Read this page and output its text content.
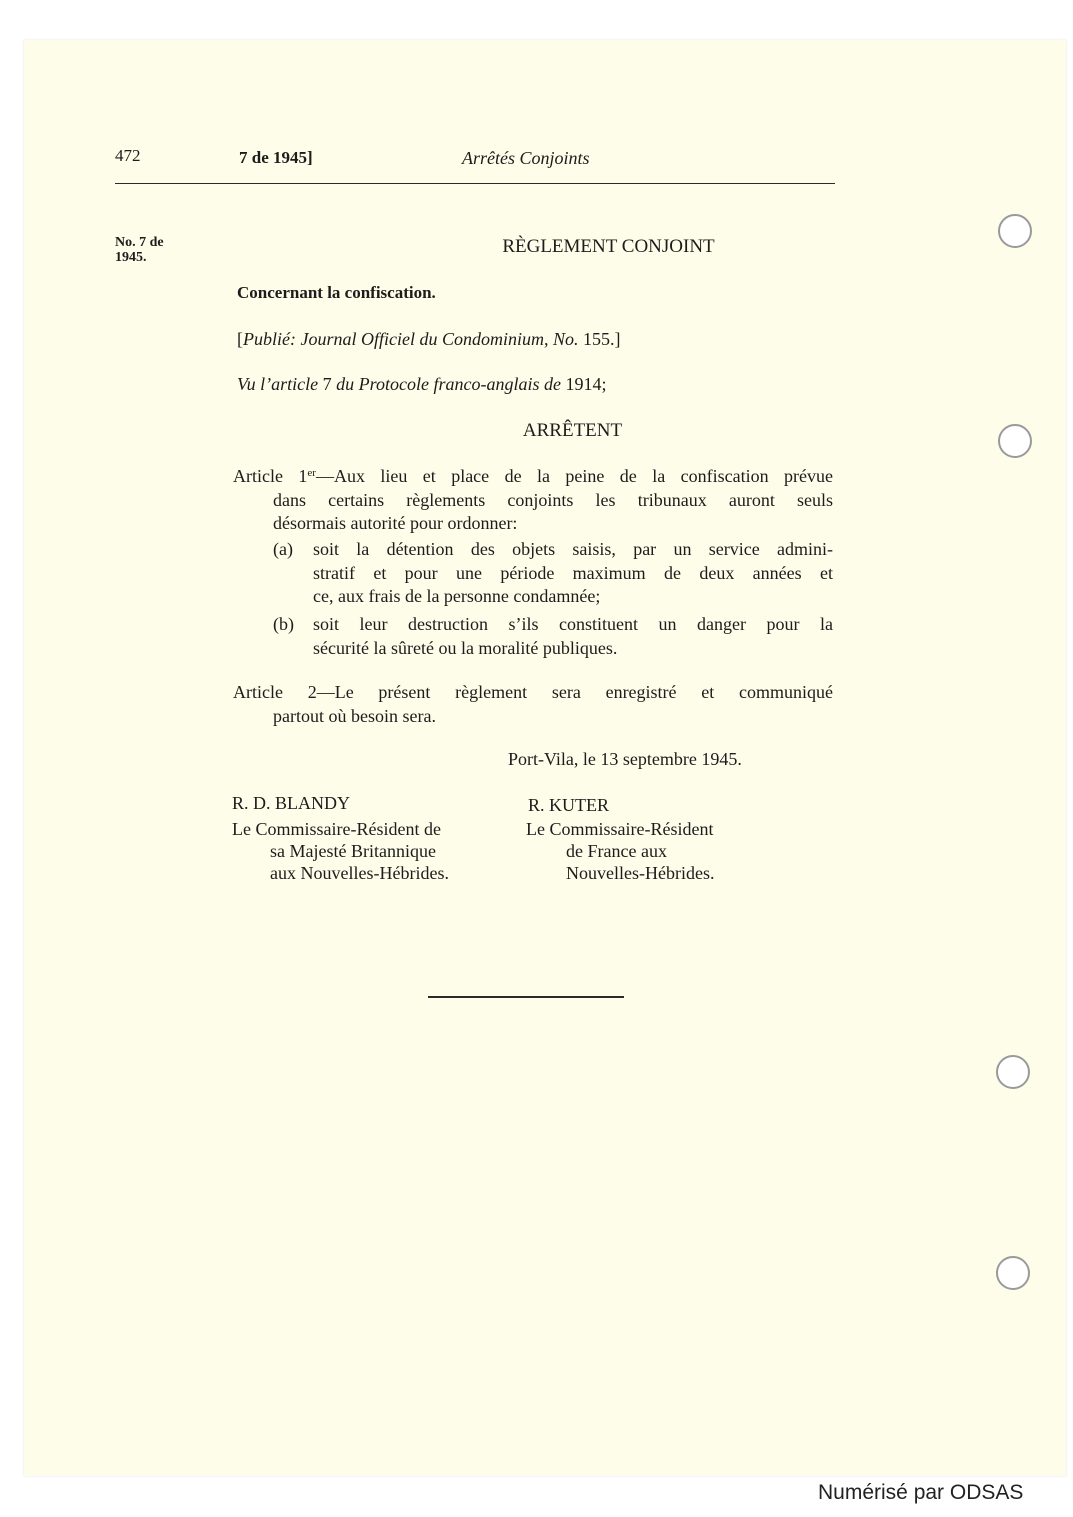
472	7 de 1945]	Arrêtés Conjoints
No. 7 de
1945.
RÈGLEMENT CONJOINT
Concernant la confiscation.
[Publié: Journal Officiel du Condominium, No. 155.]
Vu l’article 7 du Protocole franco-anglais de 1914;
ARRÊTENT
Article 1er—Aux lieu et place de la peine de la confiscation prévue
dans certains règlements conjoints les tribunaux auront seuls
désormais autorité pour ordonner:
(a) soit la détention des objets saisis, par un service admini-
stratif et pour une période maximum de deux années et
ce, aux frais de la personne condamnée;
(b) soit leur destruction s’ils constituent un danger pour la
sécurité la sûreté ou la moralité publiques.
Article 2—Le présent règlement sera enregistré et communiqué
partout où besoin sera.
Port-Vila, le 13 septembre 1945.
R. D. BLANDY
Le Commissaire-Résident de
sa Majesté Britannique
aux Nouvelles-Hébrides.
R. KUTER
Le Commissaire-Résident
de France aux
Nouvelles-Hébrides.
Numérisé par ODSAS
